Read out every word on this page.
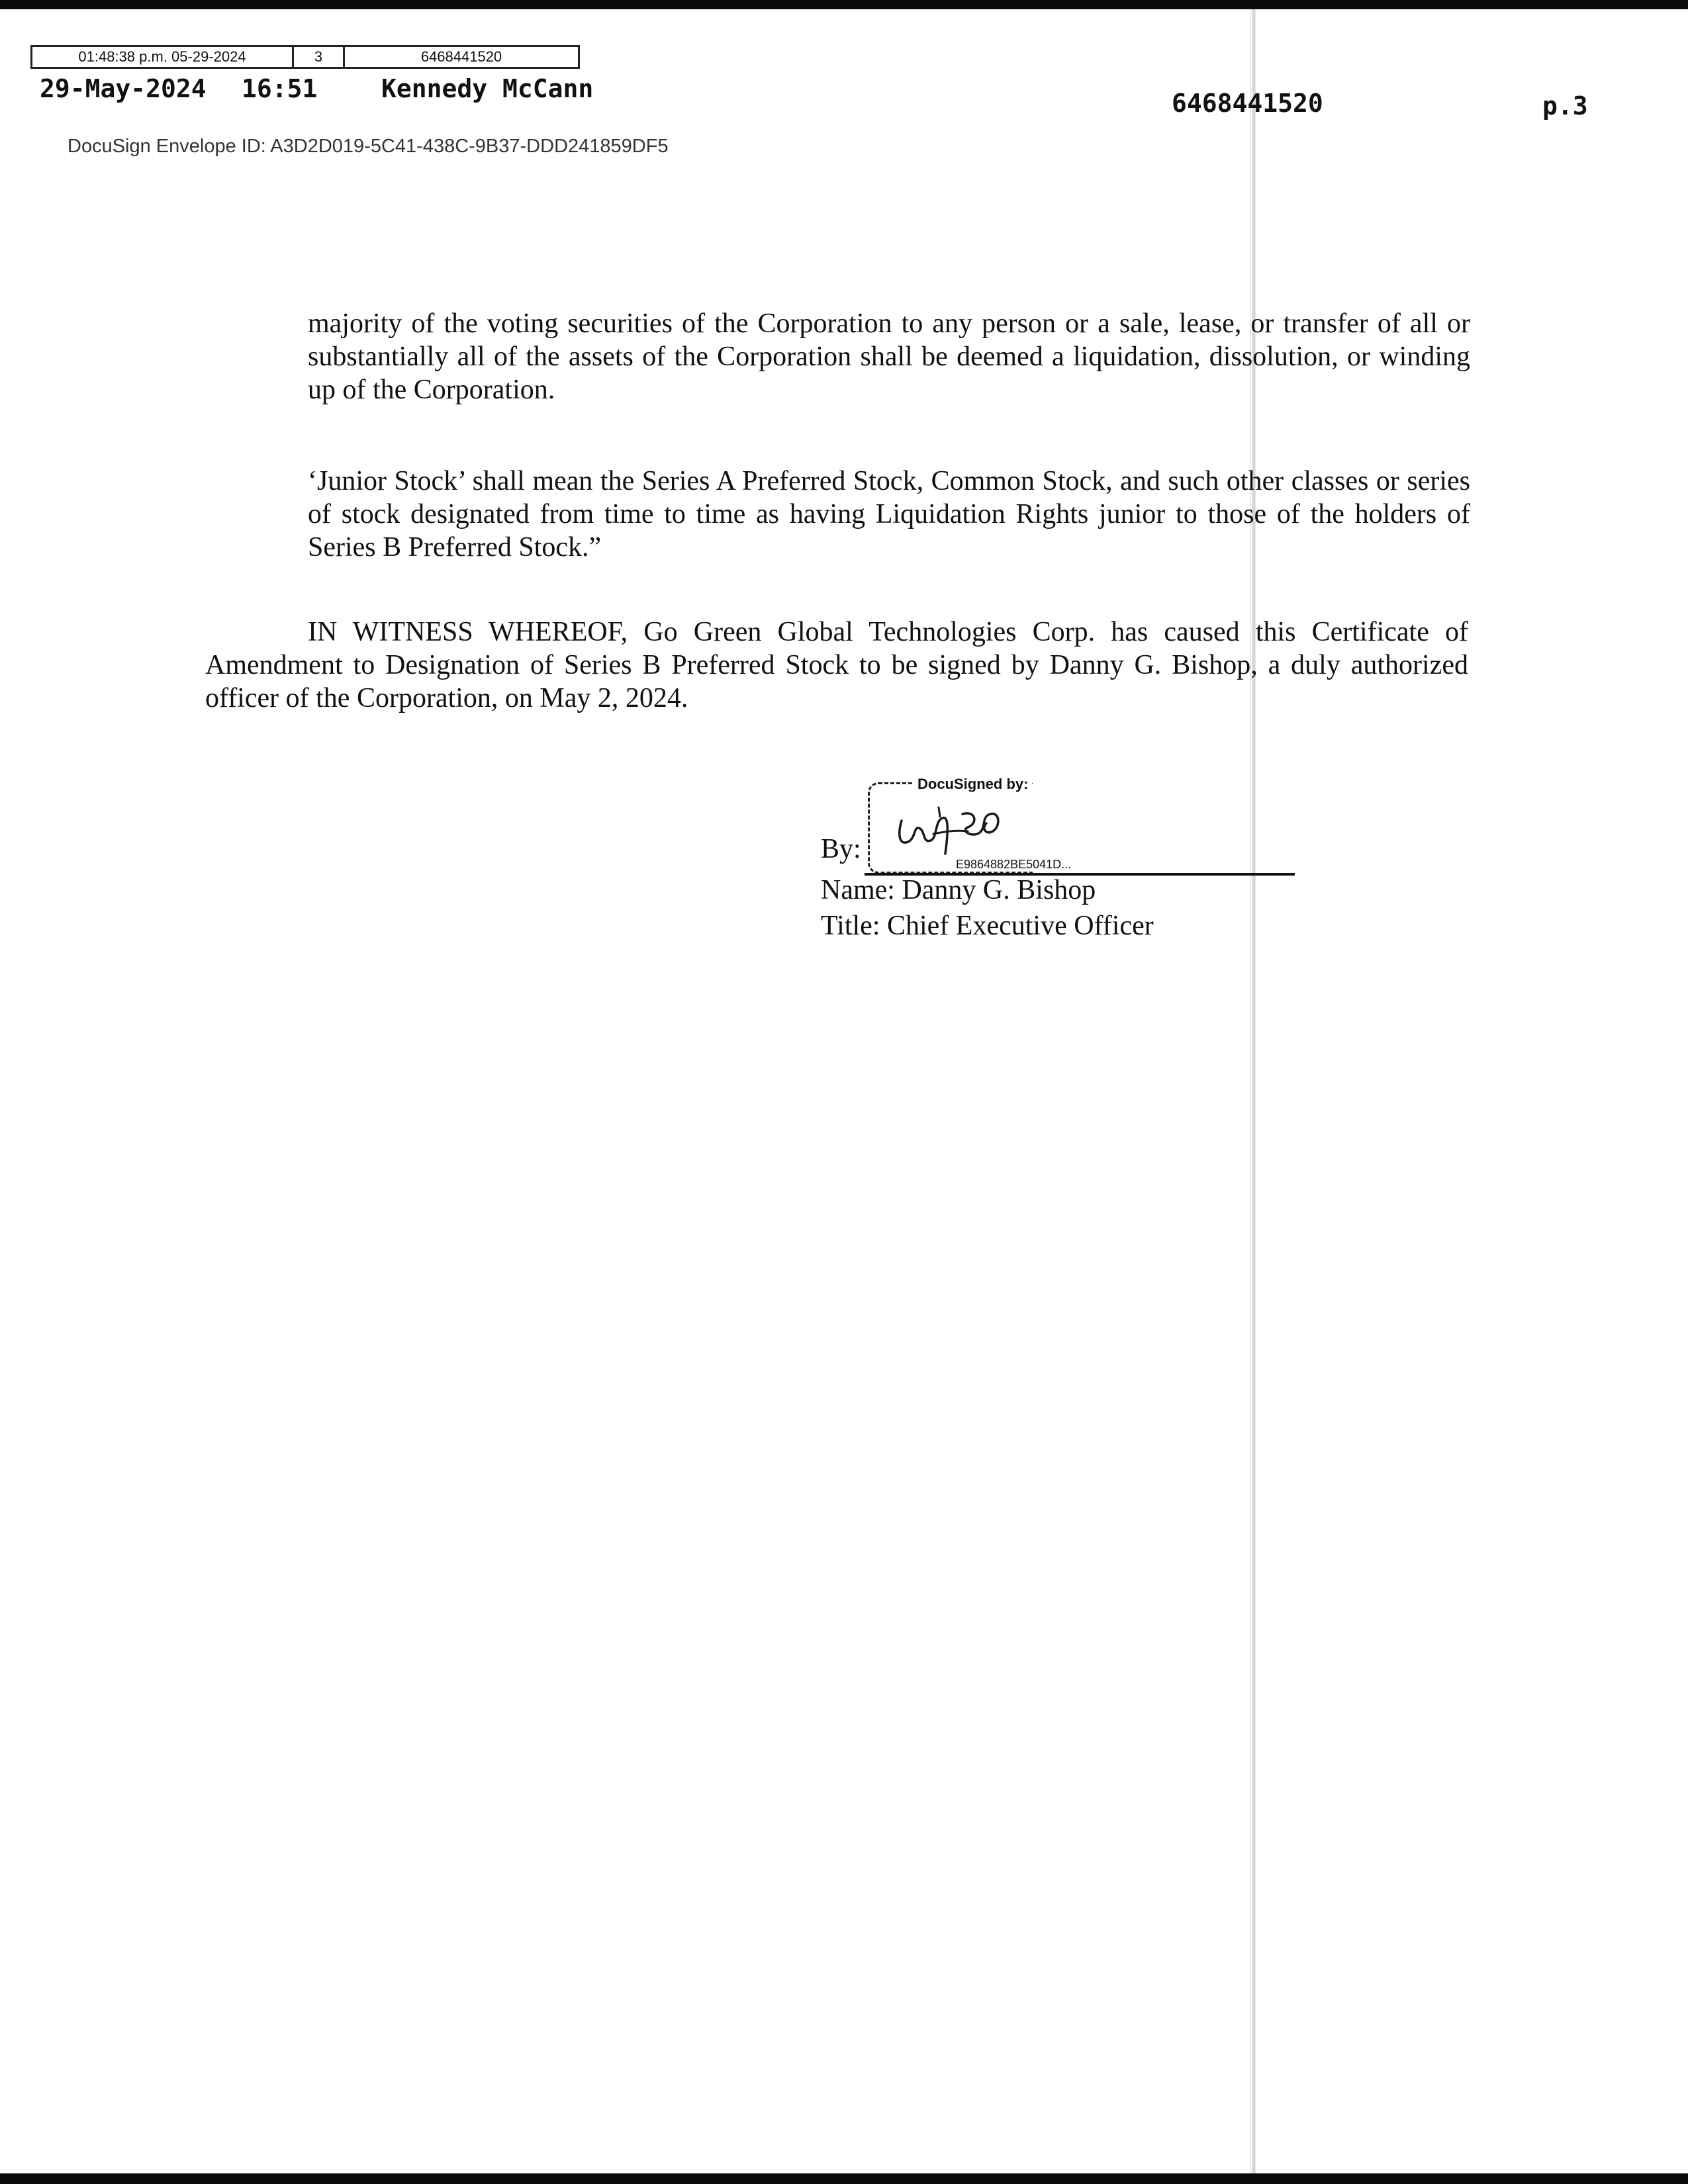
01:48:38 p.m. 05-29-2024	3	6468441520
29-May-2024 16:51	Kennedy McCann	6468441520	p.3
DocuSign Envelope ID: A3D2D019-5C41-438C-9B37-DDD241859DF5

majority of the voting securities of the Corporation to any person or a sale, lease, or transfer of all or substantially all of the assets of the Corporation shall be deemed a liquidation, dissolution, or winding up of the Corporation.

‘Junior Stock’ shall mean the Series A Preferred Stock, Common Stock, and such other classes or series of stock designated from time to time as having Liquidation Rights junior to those of the holders of Series B Preferred Stock.”

IN WITNESS WHEREOF, Go Green Global Technologies Corp. has caused this Certificate of Amendment to Designation of Series B Preferred Stock to be signed by Danny G. Bishop, a duly authorized officer of the Corporation, on May 2, 2024.

DocuSigned by:
E9864882BE5041D...
By:
Name: Danny G. Bishop
Title: Chief Executive Officer
